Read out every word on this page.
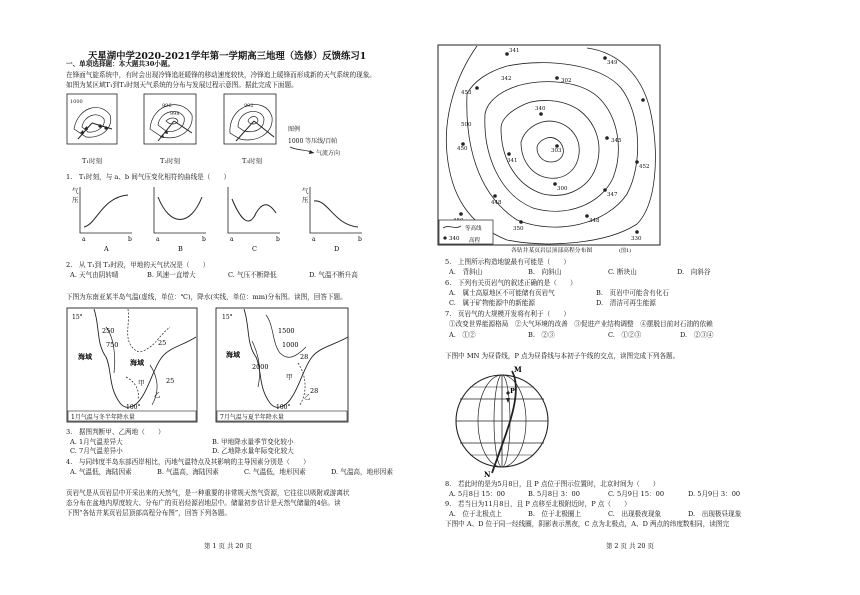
天星湖中学2020-2021学年第一学期高三地理（选修）反馈练习1
一、单项选择题：本大题共30小题。
在锋面气旋系统中，有时会出现冷锋追赶暖锋的移动速度较快，冷锋追上暖锋而形成新的天气系统的现象。
如图为某区域T₁到T₃时刻天气系统的分布与发展过程示意图。据此完成下面题。
1000
996
998
992
T₁时刻	T₂时刻	T₃时刻
图例
1000 等压线/百帕
气流方向
1.　T₁时刻，与 a、b 间气压变化相符的曲线是（　　）
气
压
a	b
A
a	b
B
a	b
C
气
压
a	b
D
2.　从 T₁到 T₃时段，甲地的天气状况是（　　）
A. 天气由阴转晴	B. 风速一直增大	C. 气压不断降低	D. 气温不断升高
下图为东南亚某半岛气温(虚线，单位：℃)，降水(实线，单位：mm)分布图。读图，回答下题。
15°
250
750	25
25
海域
海域
甲
乙
100°
1月气温与冬半年降水量
15°
1500
1000
2000
28
28
海域
甲
乙
100°
7月气温与夏半年降水量
3.　据图判断甲、乙两地（　　）
A. 1月气温差异大	B. 甲地降水量季节变化较小
C. 7月气温差异小	D. 乙地降水量年际变化较大
4.　与同纬度半岛东部西岸相比，丙地气温特点及其影响的主导因素分别是（　　）
A. 气温低，海陆因素	B. 气温高，海陆因素	C. 气温低，地形因素	D. 气温高，地形因素
页岩气是从页岩层中开采出来的天然气，是一种重要的非常规天然气资源，它往往以吸附或游离状
态分布在盆地内厚度较大、分布广的页岩烃源岩地层中。储量初步估计是天然气储量的4倍。读
下图“各钻井某页岩层顶部高程分布图”，回答下列各题。
第 1 页 共 20 页
341
349
342	302
453
340
345
500
450
341
303
452
300
347
448
350
348
330
等高线
340 高程
各钻井某页岩层顶部高程分布图	(图1)
5.　上图所示构造地貌最有可能是（　　）
A.　背斜山	B.　向斜山	C. 断块山	D.　向斜谷
6.　下列有关页岩气的叙述正确的是（　　）
A.　属土高原地区不可能储有页岩气	B.　页岩中可能含有化石
C.　属于矿物能源中的新能源	D.　清洁可再生能源
7.　页岩气的大规模开发将有利于（　　）
①改变世界能源格局　②大气环境的改善　③促进产业结构调整　④摆脱目前对石油的依赖
A.　①②	B.　②③	C.　①②③	D.　②③④
下图中 MN 为昼昏线，P 点为昼昏线与本初子午线的交点，读图完成下列各题。
M
N
P
8.　若此时的是为5月8日，且 P 点位于图示位置时，北京时间为（　　）
A. 5月8日 15：00	B. 5月8日 3：00	C. 5月9日 15：00	D. 5月9日 3：00
9.　若当日为11月8日，且 P 点移至北极附近时，P 点（　　）
A.　位于北极点上	B.　位于北极圈上	C.　出现极夜现象	D.　出现极昼现象
下图中 A、D 位于同一经线圈，阴影表示黑夜，C 点为北极点，A、D 两点的纬度数相同，读图完
第 2 页 共 20 页
